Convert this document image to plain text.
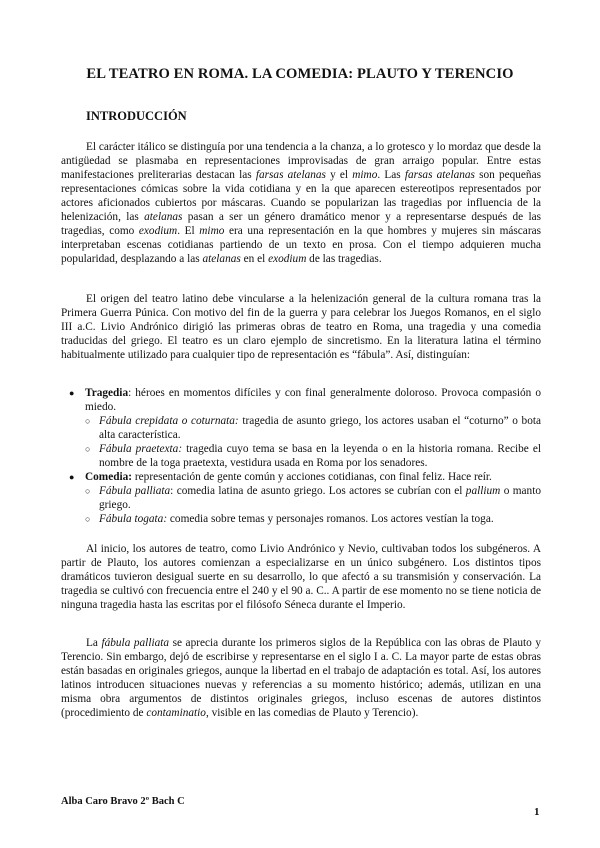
EL TEATRO EN ROMA. LA COMEDIA: PLAUTO Y TERENCIO
INTRODUCCIÓN

El carácter itálico se distinguía por una tendencia a la chanza, a lo grotesco y lo mordaz que desde la antigüedad se plasmaba en representaciones improvisadas de gran arraigo popular. Entre estas manifestaciones preliterarias destacan las farsas atelanas y el mimo. Las farsas atelanas son pequeñas representaciones cómicas sobre la vida cotidiana y en la que aparecen estereotipos representados por actores aficionados cubiertos por máscaras. Cuando se popularizan las tragedias por influencia de la helenización, las atelanas pasan a ser un género dramático menor y a representarse después de las tragedias, como exodium. El mimo era una representación en la que hombres y mujeres sin máscaras interpretaban escenas cotidianas partiendo de un texto en prosa. Con el tiempo adquieren mucha popularidad, desplazando a las atelanas en el exodium de las tragedias.

El origen del teatro latino debe vincularse a la helenización general de la cultura romana tras la Primera Guerra Púnica. Con motivo del fin de la guerra y para celebrar los Juegos Romanos, en el siglo III a.C. Livio Andrónico dirigió las primeras obras de teatro en Roma, una tragedia y una comedia traducidas del griego. El teatro es un claro ejemplo de sincretismo. En la literatura latina el término habitualmente utilizado para cualquier tipo de representación es “fábula”. Así, distinguían:

● Tragedia: héroes en momentos difíciles y con final generalmente doloroso. Provoca compasión o miedo.
○ Fábula crepidata o coturnata: tragedia de asunto griego, los actores usaban el “coturno” o bota alta característica.
○ Fábula praetexta: tragedia cuyo tema se basa en la leyenda o en la historia romana. Recibe el nombre de la toga praetexta, vestidura usada en Roma por los senadores.
● Comedia: representación de gente común y acciones cotidianas, con final feliz. Hace reír.
○ Fábula palliata: comedia latina de asunto griego. Los actores se cubrían con el pallium o manto griego.
○ Fábula togata: comedia sobre temas y personajes romanos. Los actores vestían la toga.

Al inicio, los autores de teatro, como Livio Andrónico y Nevio, cultivaban todos los subgéneros. A partir de Plauto, los autores comienzan a especializarse en un único subgénero. Los distintos tipos dramáticos tuvieron desigual suerte en su desarrollo, lo que afectó a su transmisión y conservación. La tragedia se cultivó con frecuencia entre el 240 y el 90 a. C.. A partir de ese momento no se tiene noticia de ninguna tragedia hasta las escritas por el filósofo Séneca durante el Imperio.

La fábula palliata se aprecia durante los primeros siglos de la República con las obras de Plauto y Terencio. Sin embargo, dejó de escribirse y representarse en el siglo I a. C. La mayor parte de estas obras están basadas en originales griegos, aunque la libertad en el trabajo de adaptación es total. Así, los autores latinos introducen situaciones nuevas y referencias a su momento histórico; además, utilizan en una misma obra argumentos de distintos originales griegos, incluso escenas de autores distintos (procedimiento de contaminatio, visible en las comedias de Plauto y Terencio).

Alba Caro Bravo 2º Bach C
1
